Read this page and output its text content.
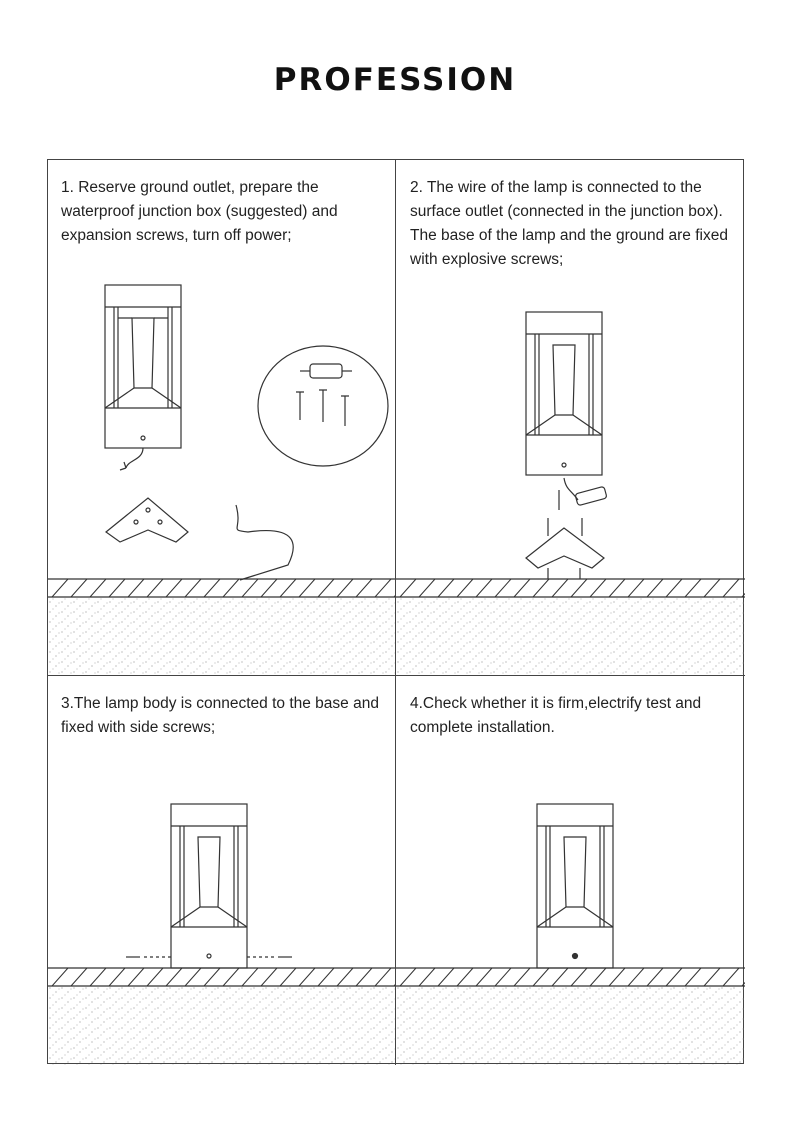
PROFESSION
1. Reserve ground outlet, prepare the waterproof junction box (suggested) and expansion screws, turn off power;
2. The wire of the lamp is connected to the surface outlet (connected in the junction box). The base of the lamp and the ground are fixed with explosive screws;
3.The lamp body is connected to the base and fixed with side screws;
4.Check whether it is firm,electrify test and complete installation.
